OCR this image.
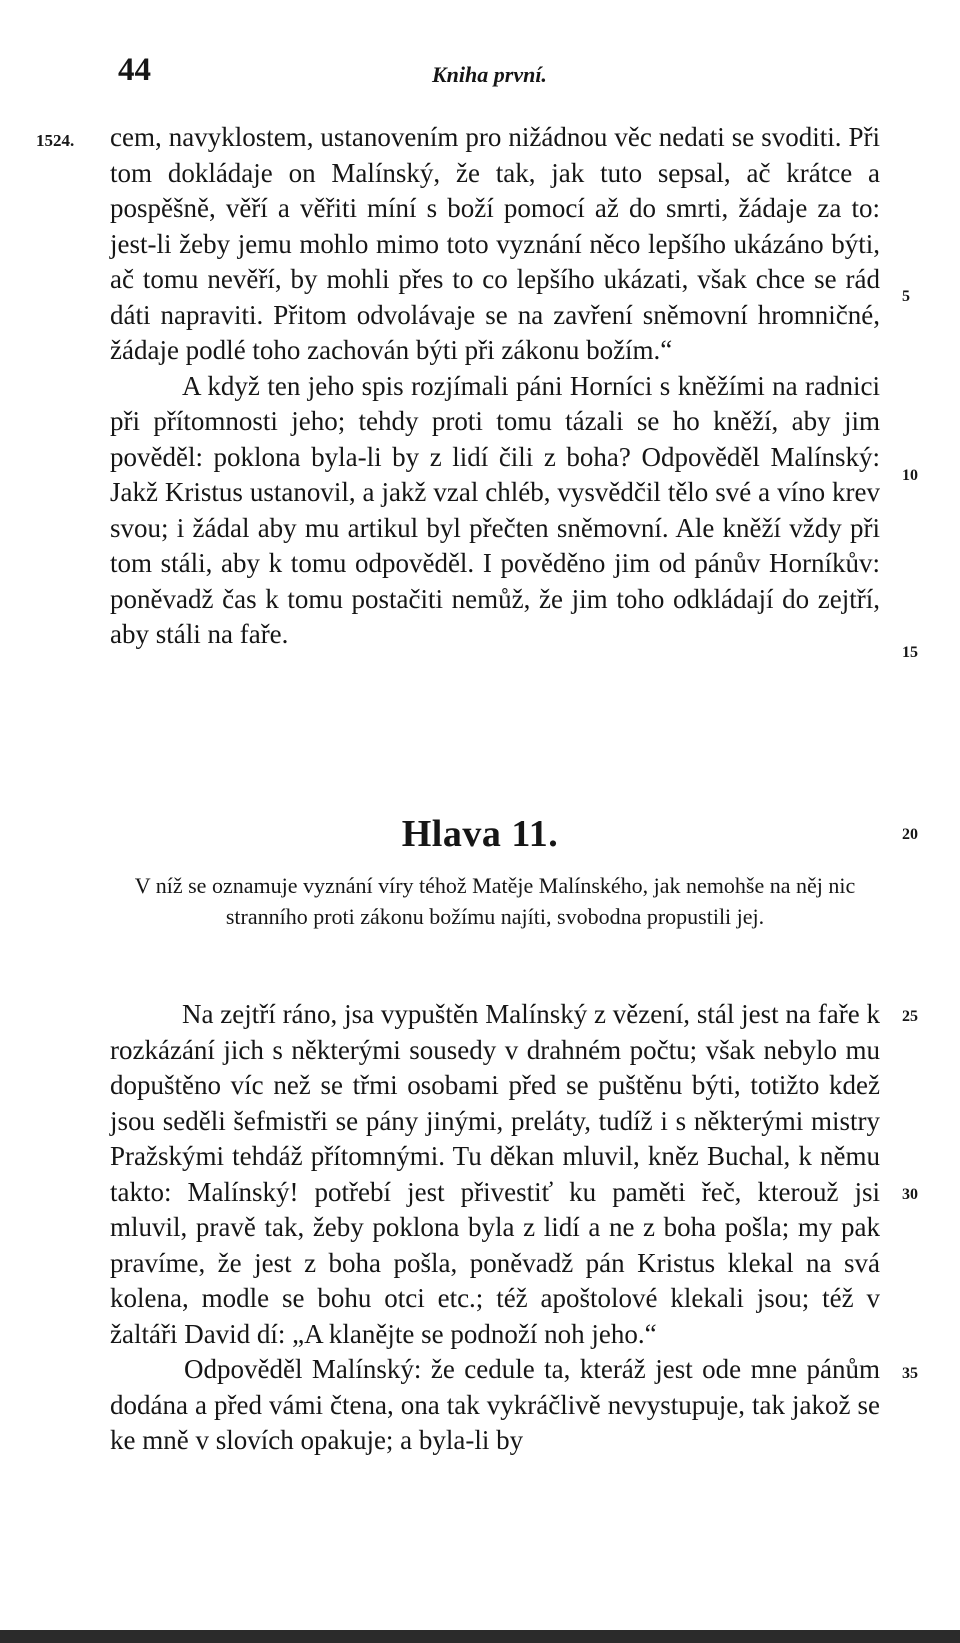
44	Kniha první.
1524. cem, navyklostem, ustanovením pro nižádnou věc nedati se svoditi. Při tom dokládaje on Malínský, že tak, jak tuto sepsal, ač krátce a pospěšně, věří a věřiti míní s boží pomocí až do smrti, žádaje za to: jest-li žeby jemu mohlo mimo toto vyznání něco lepšího ukázáno býti, ač tomu nevěří, by mohli přes to co lepšího ukázati, však chce se rád dáti napraviti. Přitom odvolávaje se na zavření sněmovní hromničné, žádaje podlé toho zachován býti při zákonu božím.“

A když ten jeho spis rozjímali páni Horníci s kněžími na radnici při přítomnosti jeho; tehdy proti tomu tázali se ho kněží, aby jim pověděl: poklona byla-li by z lidí čili z boha? Odpověděl Malínský: Jakž Kristus ustanovil, a jakž vzal chléb, vysvědčil tělo své a víno krev svou; i žádal aby mu artikul byl přečten sněmovní. Ale kněží vždy při tom stáli, aby k tomu odpověděl. I pověděno jim od pánův Horníkův: poněvadž čas k tomu postačiti nemůž, že jim toho odkládají do zejtří, aby stáli na faře.

5
10
15
20
25
30
35
Hlava 11.
V níž se oznamuje vyznání víry téhož Matěje Malínského, jak nemohše na něj nic stranního proti zákonu božímu najíti, svobodna propustili jej.

Na zejtří ráno, jsa vypuštěn Malínský z vězení, stál jest na faře k rozkázání jich s některými sousedy v drahném počtu; však nebylo mu dopuštěno víc než se třmi osobami před se puštěnu býti, totižto kdež jsou seděli šefmistři se pány jinými, preláty, tudíž i s některými mistry Pražskými tehdáž přítomnými. Tu děkan mluvil, kněz Buchal, k němu takto: Malínský! potřebí jest přivestiť ku paměti řeč, kterouž jsi mluvil, pravě tak, žeby poklona byla z lidí a ne z boha pošla; my pak pravíme, že jest z boha pošla, poněvadž pán Kristus klekal na svá kolena, modle se bohu otci etc.; též apoštolové klekali jsou; též v žaltáři David dí: „A klanějte se podnoží noh jeho.“

Odpověděl Malínský: že cedule ta, kteráž jest ode mne pánům dodána a před vámi čtena, ona tak vykráčlivě nevystupuje, tak jakož se ke mně v slovích opakuje; a byla-li by
